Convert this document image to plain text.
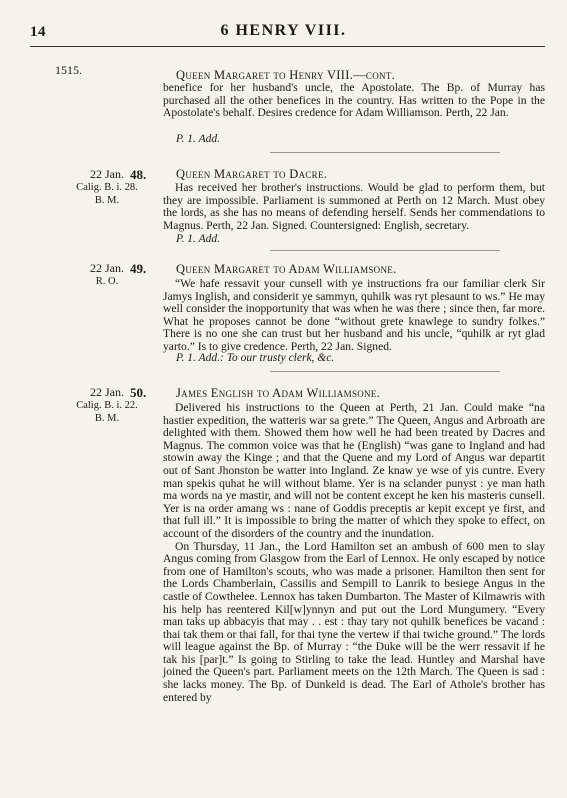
14	6 HENRY VIII.
1515.	Queen Margaret to Henry VIII.—cont.

benefice for her husband's uncle, the Apostolate. The Bp. of Murray has purchased all the other benefices in the country. Has written to the Pope in the Apostolate's behalf. Desires credence for Adam Williamson. Perth, 22 Jan.

P. 1. Add.
22 Jan.
Calig. B. i. 28.
B. M.
48. Queen Margaret to Dacre.

Has received her brother's instructions. Would be glad to perform them, but they are impossible. Parliament is summoned at Perth on 12 March. Must obey the lords, as she has no means of defending herself. Sends her commendations to Magnus. Perth, 22 Jan. Signed. Countersigned: English, secretary.

P. 1. Add.
22 Jan.
R. O.
49. Queen Margaret to Adam Williamsone.

“We hafe ressavit your cunsell with ye instructions fra our familiar clerk Sir Jamys Inglish, and considerit ye sammyn, quhilk was ryt plesaunt to ws.” He may well consider the inopportunity that was when he was there ; since then, far more. What he proposes cannot be done “without grete knawlege to sundry folkes.” There is no one she can trust but her husband and his uncle, “quhilk ar ryt glad yarto.” Is to give credence. Perth, 22 Jan. Signed.

P. 1. Add.: To our trusty clerk, &c.
22 Jan.
Calig. B. i. 22.
B. M.
50. James English to Adam Williamsone.

Delivered his instructions to the Queen at Perth, 21 Jan. Could make “na hastier expedition, the watteris war sa grete.” The Queen, Angus and Arbroath are delighted with them. Showed them how well he had been treated by Dacres and Magnus. The common voice was that he (English) “was gane to Ingland and had stowin away the Kinge ; and that the Quene and my Lord of Angus war departit out of Sant Jhonston be watter into Ingland. Ze knaw ye wse of yis cuntre. Every man spekis quhat he will without blame. Yer is na sclander punyst : ye man hath ma words na ye mastir, and will not be content except he ken his masteris cunsell. Yer is na order amang ws : nane of Goddis preceptis ar kepit except ye first, and that full ill.” It is impossible to bring the matter of which they spoke to effect, on account of the disorders of the country and the inundation.

On Thursday, 11 Jan., the Lord Hamilton set an ambush of 600 men to slay Angus coming from Glasgow from the Earl of Lennox. He only escaped by notice from one of Hamilton's scouts, who was made a prisoner. Hamilton then sent for the Lords Chamberlain, Cassilis and Sempill to Lanrik to besiege Angus in the castle of Cowthelee. Lennox has taken Dumbarton. The Master of Kilmawris with his help has reentered Kil[w]ynnyn and put out the Lord Mungumery. “Every man taks up abbacyis that may . . est : thay tary not quhilk benefices be vacand : thai tak them or thai fall, for thai tyne the vertew if thai twiche ground.” The lords will league against the Bp. of Murray : “the Duke will be the werr ressavit if he tak his [par]t.” Is going to Stirling to take the lead. Huntley and Marshal have joined the Queen's part. Parliament meets on the 12th March. The Queen is sad : she lacks money. The Bp. of Dunkeld is dead. The Earl of Athole's brother has entered by
